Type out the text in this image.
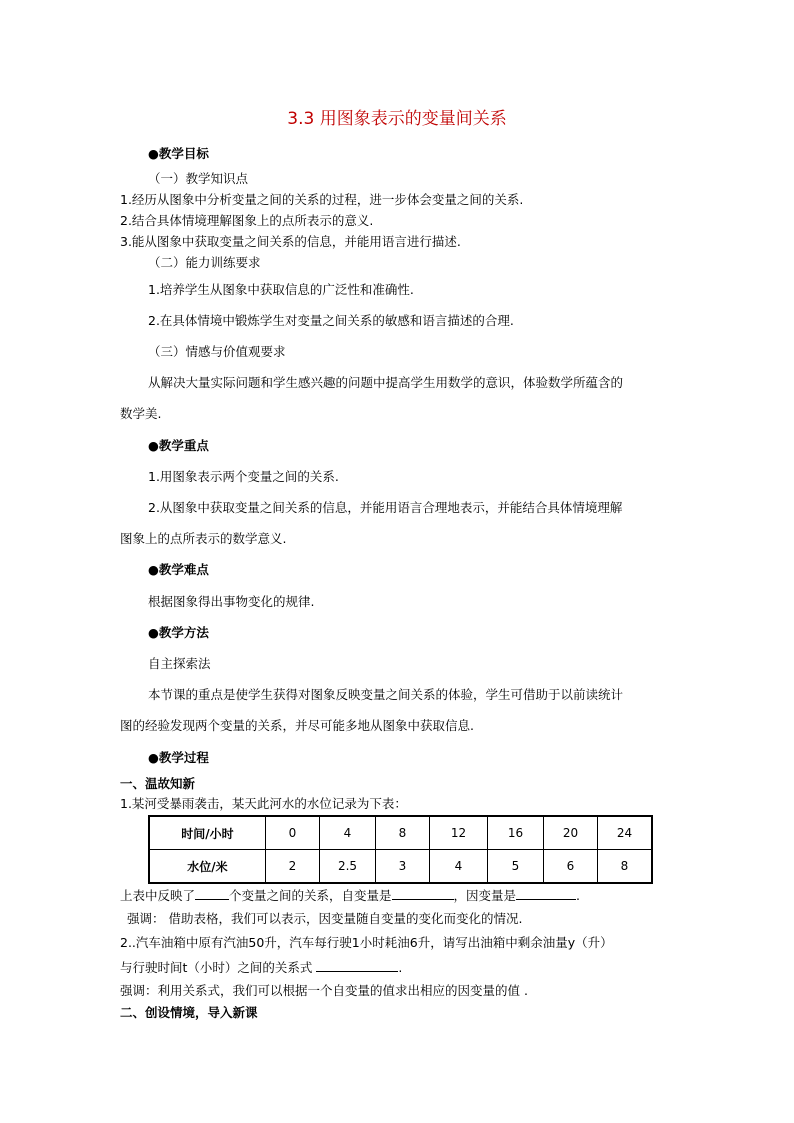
3.3 用图象表示的变量间关系
●教学目标
（一）教学知识点
1.经历从图象中分析变量之间的关系的过程，进一步体会变量之间的关系.
2.结合具体情境理解图象上的点所表示的意义.
3.能从图象中获取变量之间关系的信息，并能用语言进行描述.
（二）能力训练要求
1.培养学生从图象中获取信息的广泛性和准确性.
2.在具体情境中锻炼学生对变量之间关系的敏感和语言描述的合理.
（三）情感与价值观要求
从解决大量实际问题和学生感兴趣的问题中提高学生用数学的意识，体验数学所蕴含的
数学美.
●教学重点
1.用图象表示两个变量之间的关系.
2.从图象中获取变量之间关系的信息，并能用语言合理地表示，并能结合具体情境理解
图象上的点所表示的数学意义.
●教学难点
根据图象得出事物变化的规律.
●教学方法
自主探索法
本节课的重点是使学生获得对图象反映变量之间关系的体验，学生可借助于以前读统计
图的经验发现两个变量的关系，并尽可能多地从图象中获取信息.
●教学过程
一、温故知新
1.某河受暴雨袭击，某天此河水的水位记录为下表：
时间/小时	0	4	8	12	16	20	24
水位/米	2	2.5	3	4	5	6	8
上表中反映了	个变量之间的关系，自变量是	，因变量是	.
强调： 借助表格，我们可以表示，因变量随自变量的变化而变化的情况.
2..汽车油箱中原有汽油50升，汽车每行驶1小时耗油6升，请写出油箱中剩余油量y（升）
与行驶时间t（小时）之间的关系式	.
强调：利用关系式，我们可以根据一个自变量的值求出相应的因变量的值 .
二、创设情境，导入新课
